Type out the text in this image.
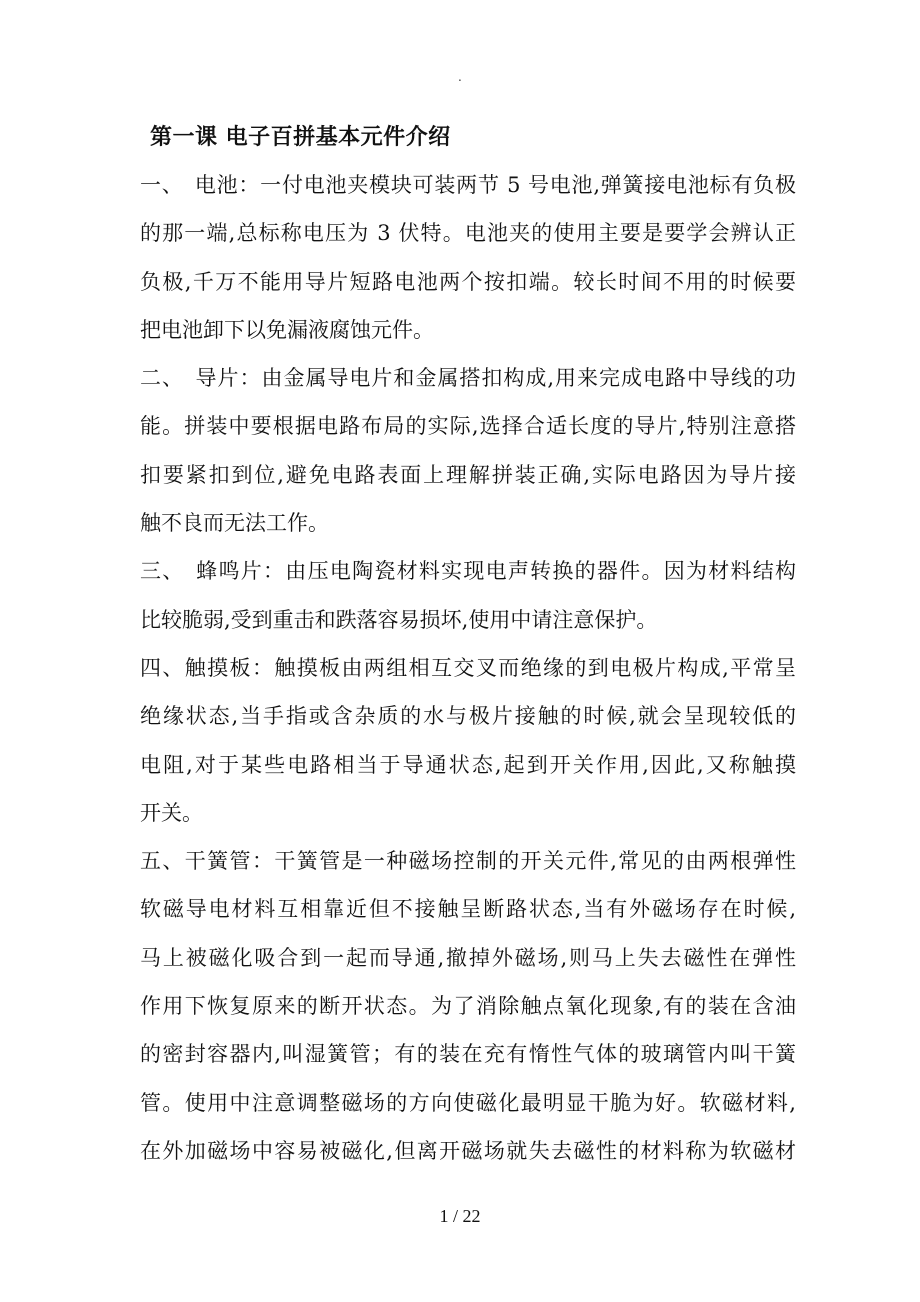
.
第一课 电子百拼基本元件介绍
一、　电池：一付电池夹模块可装两节 5 号电池,弹簧接电池标有负极
的那一端,总标称电压为 3 伏特。电池夹的使用主要是要学会辨认正
负极,千万不能用导片短路电池两个按扣端。较长时间不用的时候要
把电池卸下以免漏液腐蚀元件。
二、　导片：由金属导电片和金属搭扣构成,用来完成电路中导线的功
能。拼装中要根据电路布局的实际,选择合适长度的导片,特别注意搭
扣要紧扣到位,避免电路表面上理解拼装正确,实际电路因为导片接
触不良而无法工作。
三、　蜂鸣片：由压电陶瓷材料实现电声转换的器件。因为材料结构
比较脆弱,受到重击和跌落容易损坏,使用中请注意保护。
四、触摸板：触摸板由两组相互交叉而绝缘的到电极片构成,平常呈
绝缘状态,当手指或含杂质的水与极片接触的时候,就会呈现较低的
电阻,对于某些电路相当于导通状态,起到开关作用,因此,又称触摸
开关。
五、干簧管：干簧管是一种磁场控制的开关元件,常见的由两根弹性
软磁导电材料互相靠近但不接触呈断路状态,当有外磁场存在时候,
马上被磁化吸合到一起而导通,撤掉外磁场,则马上失去磁性在弹性
作用下恢复原来的断开状态。为了消除触点氧化现象,有的装在含油
的密封容器内,叫湿簧管；有的装在充有惰性气体的玻璃管内叫干簧
管。使用中注意调整磁场的方向使磁化最明显干脆为好。软磁材料,
在外加磁场中容易被磁化,但离开磁场就失去磁性的材料称为软磁材
1 / 22
